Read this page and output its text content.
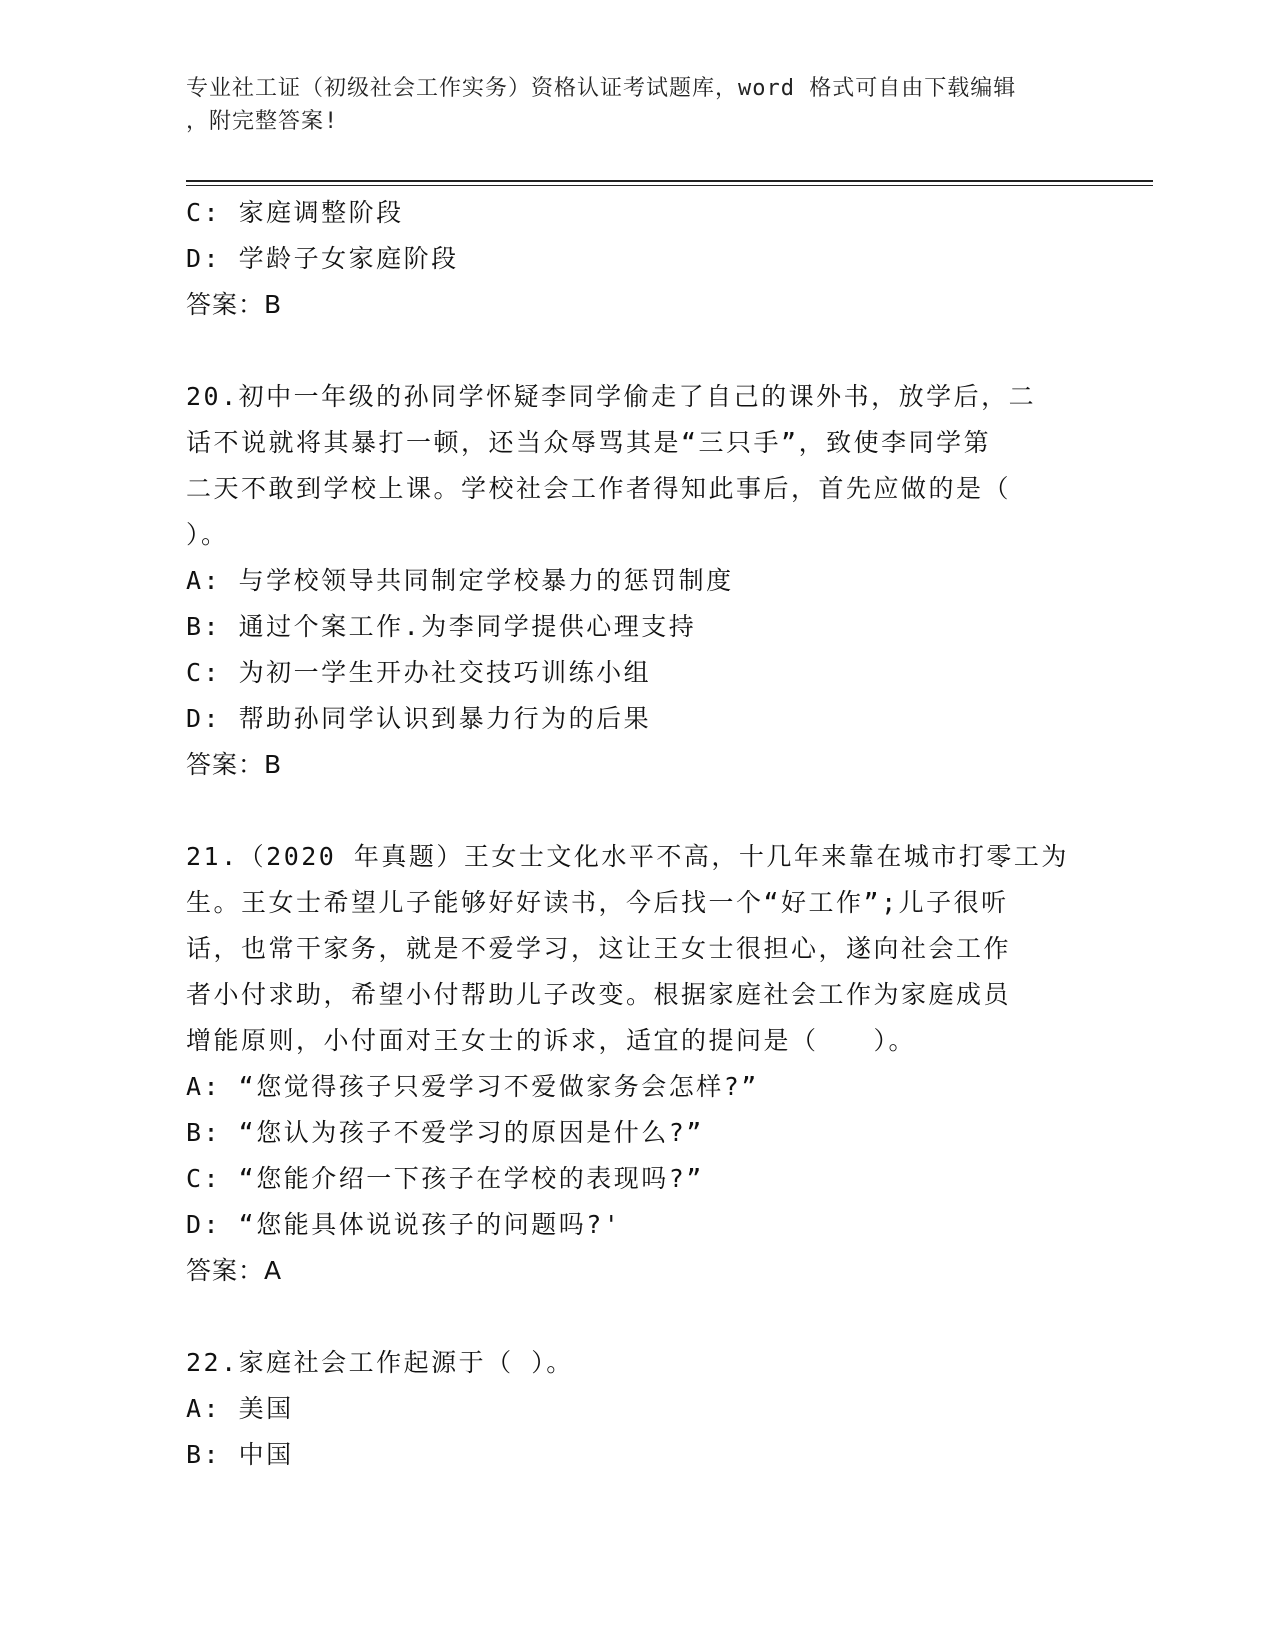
专业社工证（初级社会工作实务）资格认证考试题库，word 格式可自由下载编辑
，附完整答案!

C: 家庭调整阶段

D: 学龄子女家庭阶段

答案：B

20.初中一年级的孙同学怀疑李同学偷走了自己的课外书，放学后，二

话不说就将其暴打一顿，还当众辱骂其是“三只手”，致使李同学第

二天不敢到学校上课。学校社会工作者得知此事后，首先应做的是（

）。

A: 与学校领导共同制定学校暴力的惩罚制度

B: 通过个案工作.为李同学提供心理支持

C: 为初一学生开办社交技巧训练小组

D: 帮助孙同学认识到暴力行为的后果

答案：B

21.（2020 年真题）王女士文化水平不高，十几年来靠在城市打零工为

生。王女士希望儿子能够好好读书，今后找一个“好工作”;儿子很听

话，也常干家务，就是不爱学习，这让王女士很担心，遂向社会工作

者小付求助，希望小付帮助儿子改变。根据家庭社会工作为家庭成员

增能原则，小付面对王女士的诉求，适宜的提问是（　　）。

A: “您觉得孩子只爱学习不爱做家务会怎样?”

B: “您认为孩子不爱学习的原因是什么?”

C: “您能介绍一下孩子在学校的表现吗?”

D: “您能具体说说孩子的问题吗?'

答案：A

22.家庭社会工作起源于（ ）。

A: 美国

B: 中国
